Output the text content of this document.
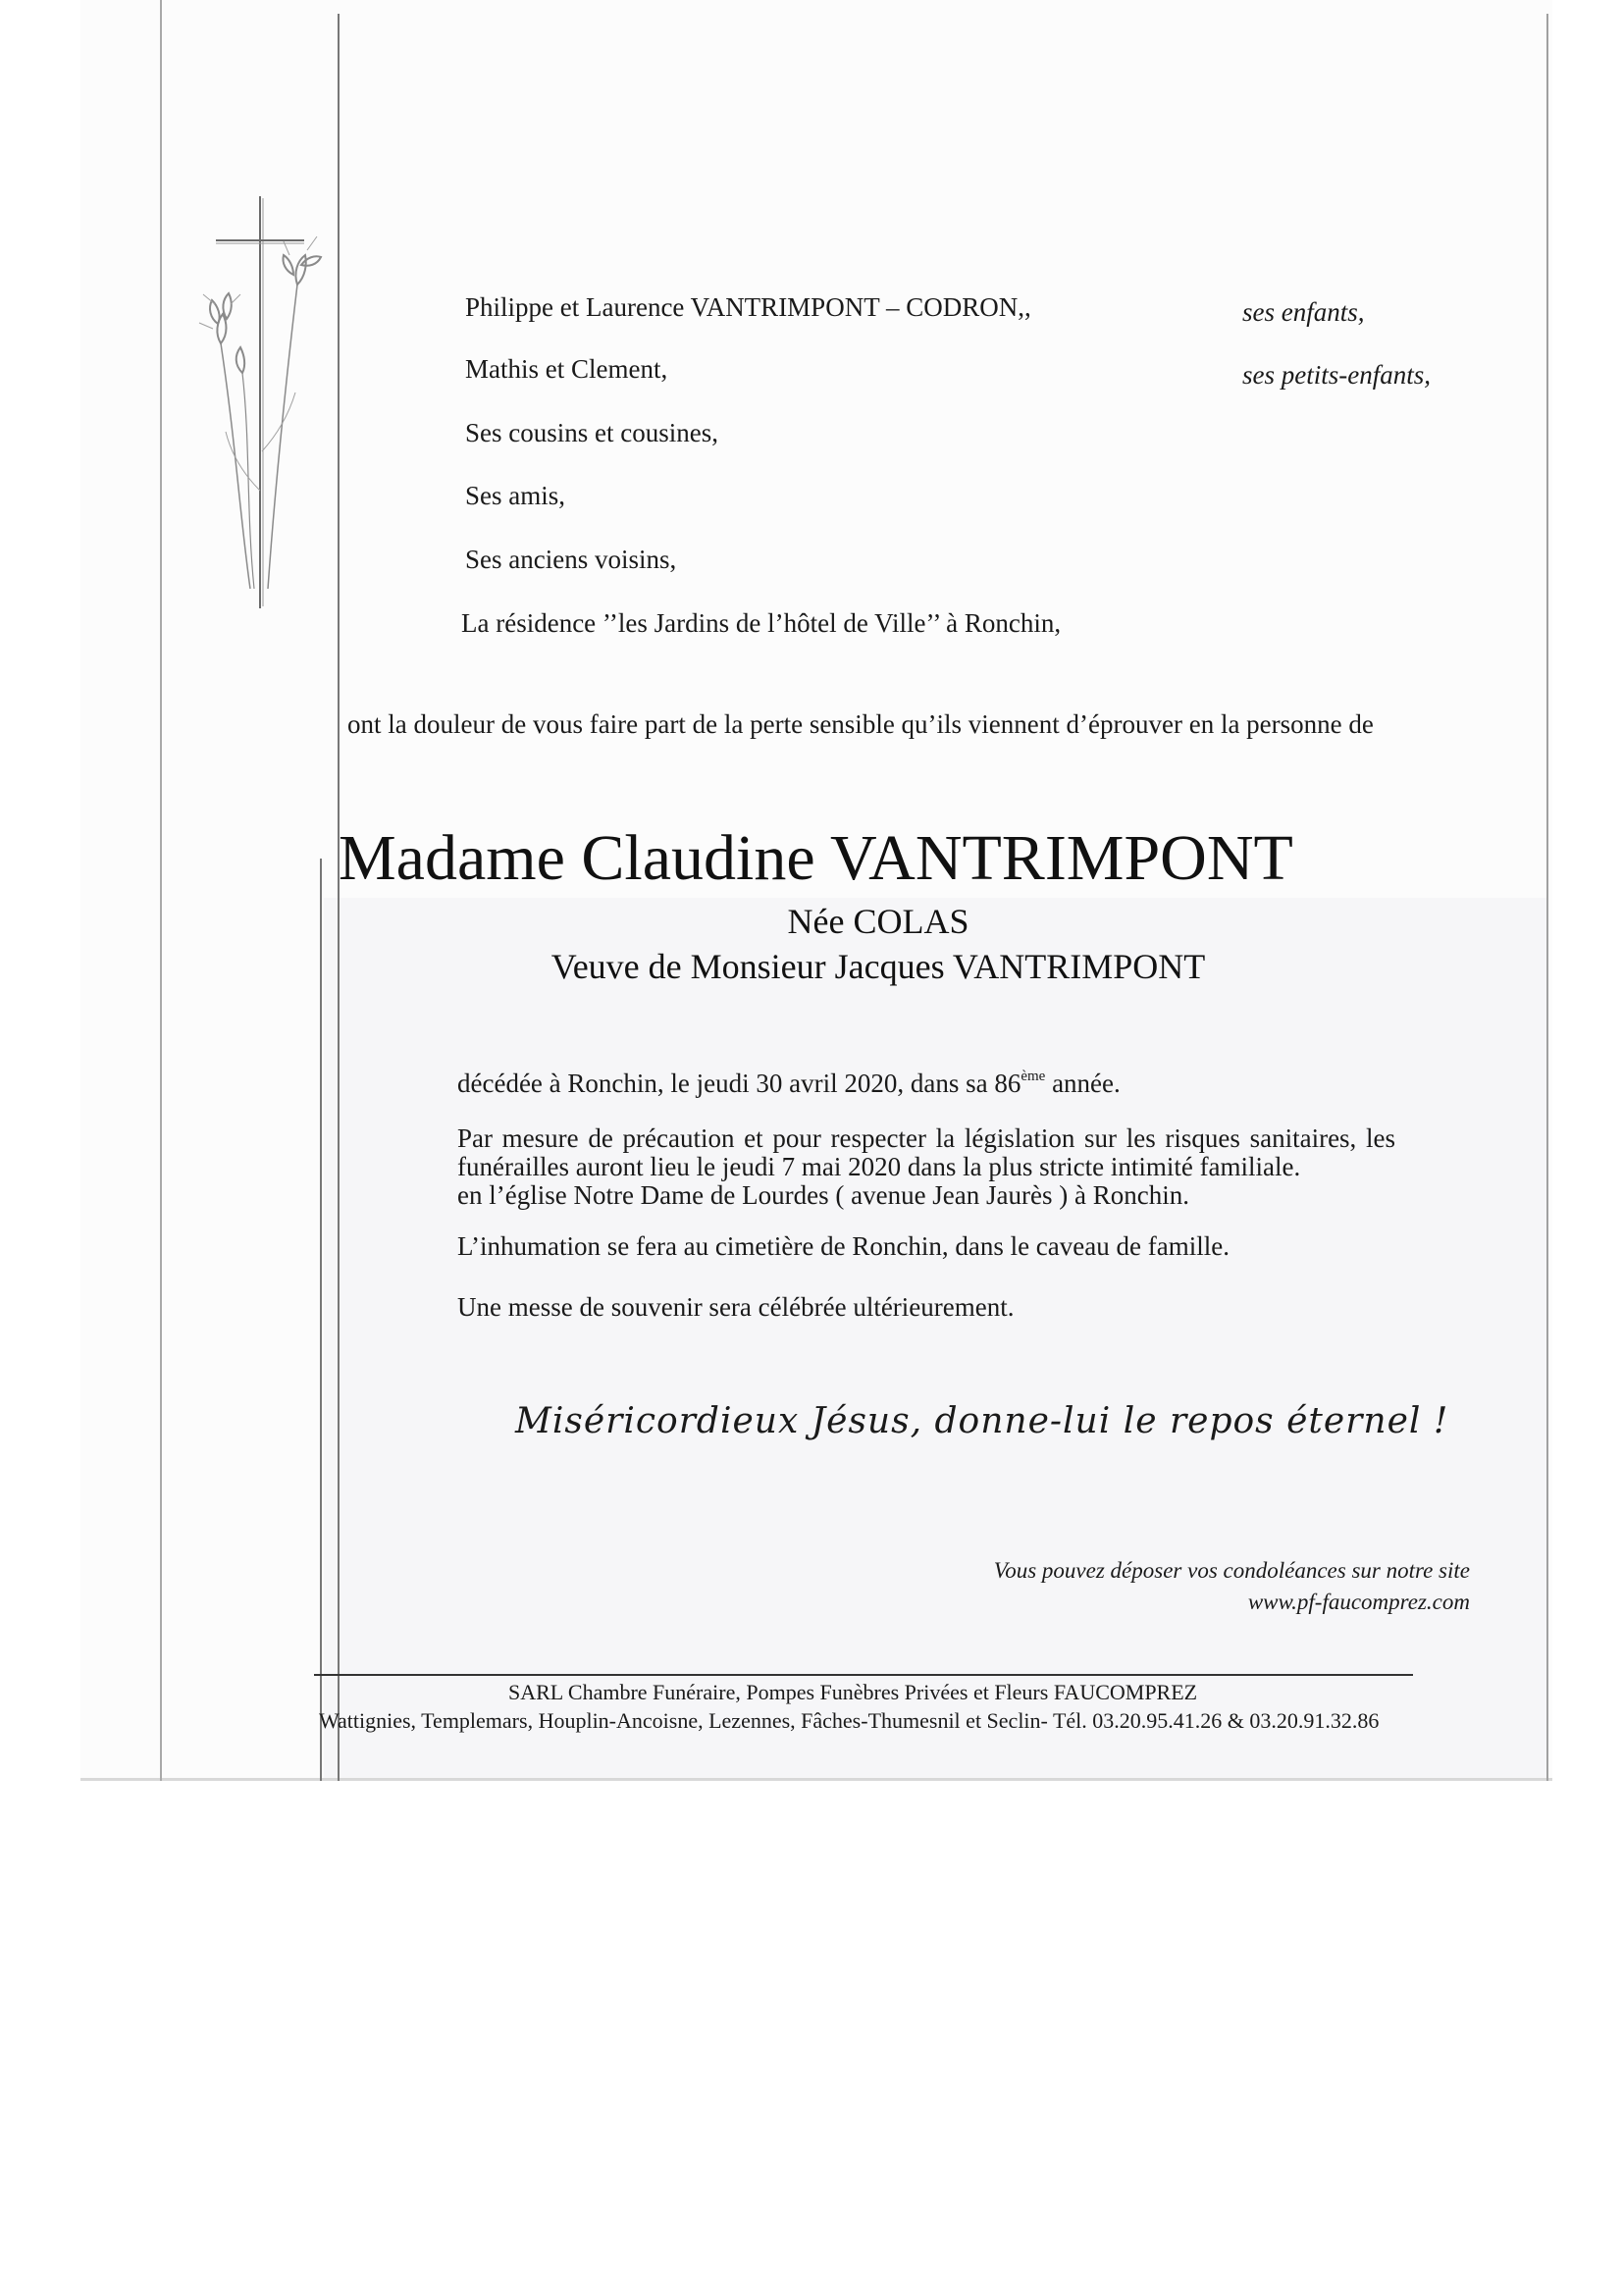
Philippe et Laurence VANTRIMPONT – CODRON,,	ses enfants,
Mathis et Clement,	ses petits-enfants,
Ses cousins et cousines,
Ses amis,
Ses anciens voisins,
La résidence ’’les Jardins de l’hôtel de Ville’’ à Ronchin,
ont la douleur de vous faire part de la perte sensible qu’ils viennent d’éprouver en la personne de
Madame Claudine VANTRIMPONT
Née COLAS
Veuve de Monsieur Jacques VANTRIMPONT
décédée à Ronchin, le jeudi 30 avril 2020, dans sa 86ème année.
Par mesure de précaution et pour respecter la législation sur les risques sanitaires, les
funérailles auront lieu le jeudi 7 mai 2020 dans la plus stricte intimité familiale.
en l’église Notre Dame de Lourdes ( avenue Jean Jaurès ) à Ronchin.
L’inhumation se fera au cimetière de Ronchin, dans le caveau de famille.
Une messe de souvenir sera célébrée ultérieurement.
Miséricordieux Jésus, donne-lui le repos éternel !
Vous pouvez déposer vos condoléances sur notre site
www.pf-faucomprez.com
SARL Chambre Funéraire, Pompes Funèbres Privées et Fleurs FAUCOMPREZ
Wattignies, Templemars, Houplin-Ancoisne, Lezennes, Fâches-Thumesnil et Seclin- Tél. 03.20.95.41.26 & 03.20.91.32.86
